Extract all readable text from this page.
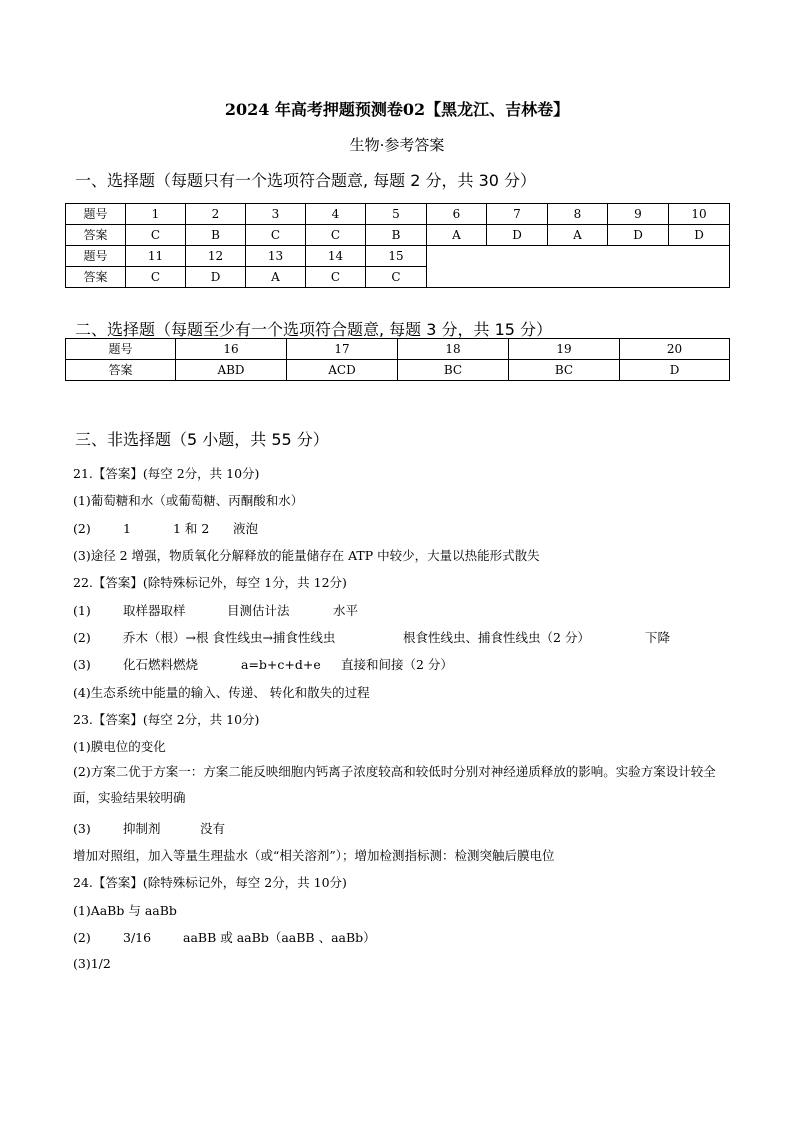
2024 年高考押题预测卷02【黑龙江、吉林卷】
生物·参考答案
一、选择题（每题只有一个选项符合题意, 每题 2 分，共 30 分）
题号	1	2	3	4	5	6	7	8	9	10
答案	C	B	C	C	B	A	D	A	D	D
题号	11	12	13	14	15					
答案	C	D	A	C	C					
二、选择题（每题至少有一个选项符合题意, 每题 3 分，共 15 分）
题号	16	17	18	19	20
答案	ABD	ACD	BC	BC	D
三、非选择题（5 小题，共 55 分）
21.【答案】(每空 2分，共 10分)
(1)葡萄糖和水（或葡萄糖、丙酮酸和水）
(2)	1	1 和 2 液泡
(3)途径 2 增强，物质氧化分解释放的能量储存在 ATP 中较少，大量以热能形式散失
22.【答案】(除特殊标记外，每空 1分，共 12分)
(1)	取样器取样	目测估计法	水平
(2)	乔木（根）→根 食性线虫→捕食性线虫	根食性线虫、捕食性线虫（2 分）	下降
(3)	化石燃料燃烧	a=b+c+d+e 直接和间接（2 分）
(4)生态系统中能量的输入、传递、 转化和散失的过程
23.【答案】(每空 2分，共 10分)
(1)膜电位的变化
(2)方案二优于方案一：方案二能反映细胞内钙离子浓度较高和较低时分别对神经递质释放的影响。实验方案设计较全面，实验结果较明确
(3)	抑制剂	没有
增加对照组，加入等量生理盐水（或“相关溶剂”）；增加检测指标测：检测突触后膜电位
24.【答案】(除特殊标记外，每空 2分，共 10分)
(1)AaBb 与 aaBb
(2)	3/16	aaBB 或 aaBb（aaBB 、aaBb）
(3)1/2
